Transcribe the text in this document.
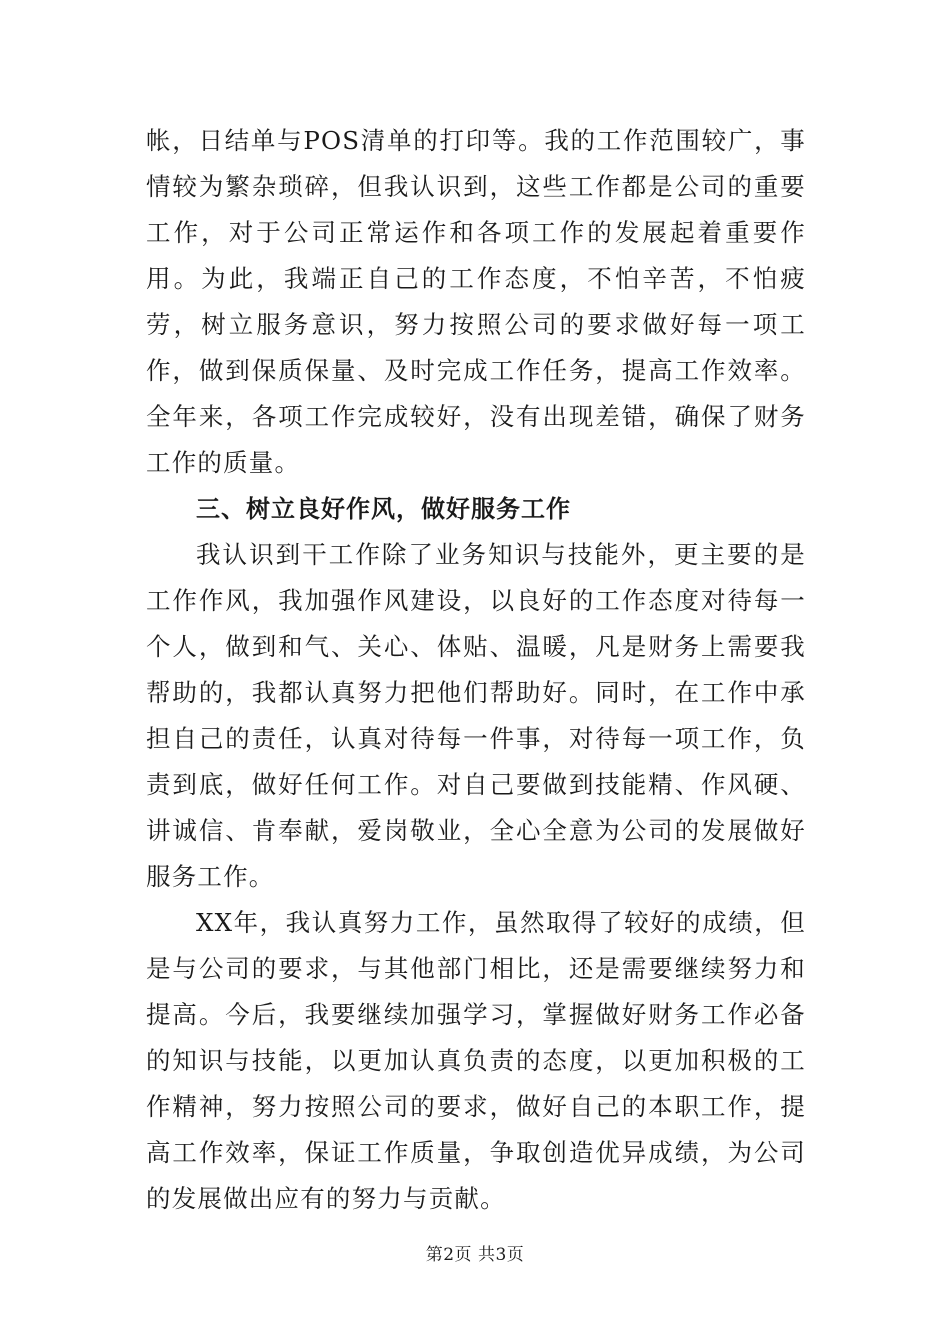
帐，日结单与POS清单的打印等。我的工作范围较广，事情较为繁杂琐碎，但我认识到，这些工作都是公司的重要工作，对于公司正常运作和各项工作的发展起着重要作用。为此，我端正自己的工作态度，不怕辛苦，不怕疲劳，树立服务意识，努力按照公司的要求做好每一项工作，做到保质保量、及时完成工作任务，提高工作效率。全年来，各项工作完成较好，没有出现差错，确保了财务工作的质量。

三、树立良好作风，做好服务工作

我认识到干工作除了业务知识与技能外，更主要的是工作作风，我加强作风建设，以良好的工作态度对待每一个人，做到和气、关心、体贴、温暖，凡是财务上需要我帮助的，我都认真努力把他们帮助好。同时，在工作中承担自己的责任，认真对待每一件事，对待每一项工作，负责到底，做好任何工作。对自己要做到技能精、作风硬、讲诚信、肯奉献，爱岗敬业，全心全意为公司的发展做好服务工作。

XX年，我认真努力工作，虽然取得了较好的成绩，但是与公司的要求，与其他部门相比，还是需要继续努力和提高。今后，我要继续加强学习，掌握做好财务工作必备的知识与技能，以更加认真负责的态度，以更加积极的工作精神，努力按照公司的要求，做好自己的本职工作，提高工作效率，保证工作质量，争取创造优异成绩，为公司的发展做出应有的努力与贡献。

第2页 共3页
